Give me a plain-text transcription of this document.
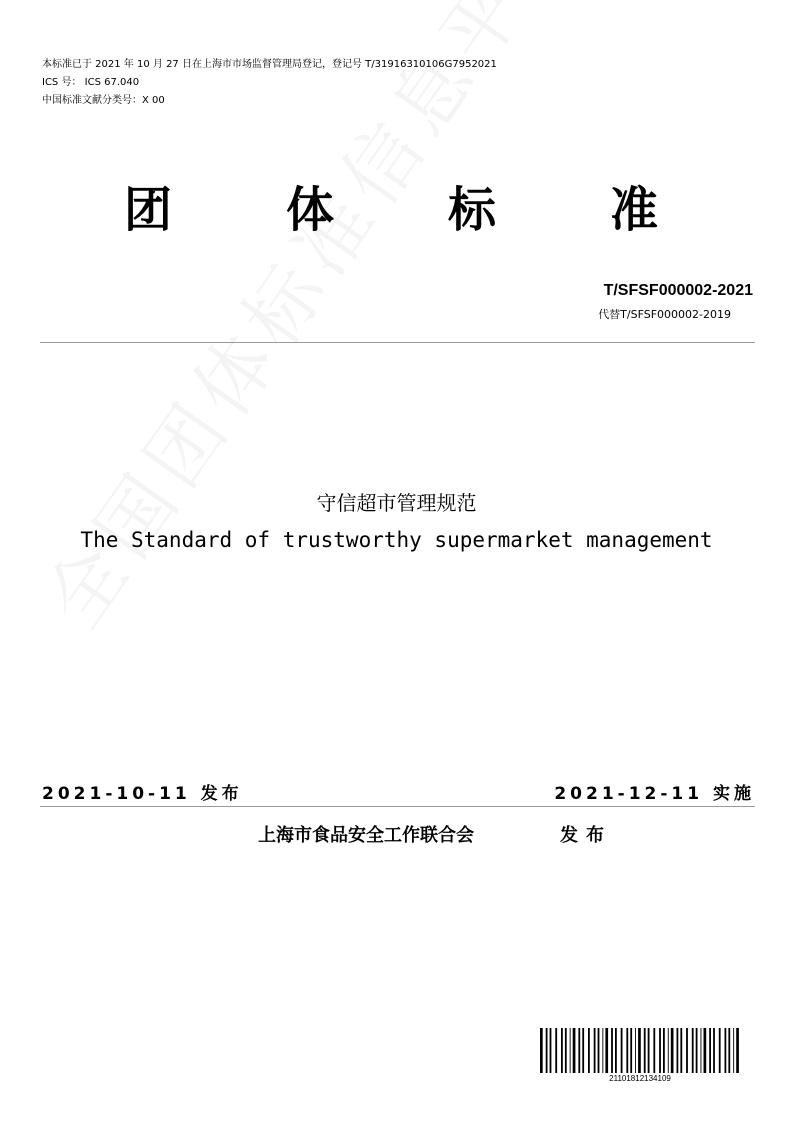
本标准已于 2021 年 10 月 27 日在上海市市场监督管理局登记，登记号 T/31916310106G7952021
ICS 号： ICS 67.040
中国标准文献分类号：X 00
团 体 标 准
T/SFSF000002-2021
代替T/SFSF000002-2019
守信超市管理规范
The Standard of trustworthy supermarket management
2021-10-11 发布	2021-12-11 实施
上海市食品安全工作联合会	发布
21101812134109
